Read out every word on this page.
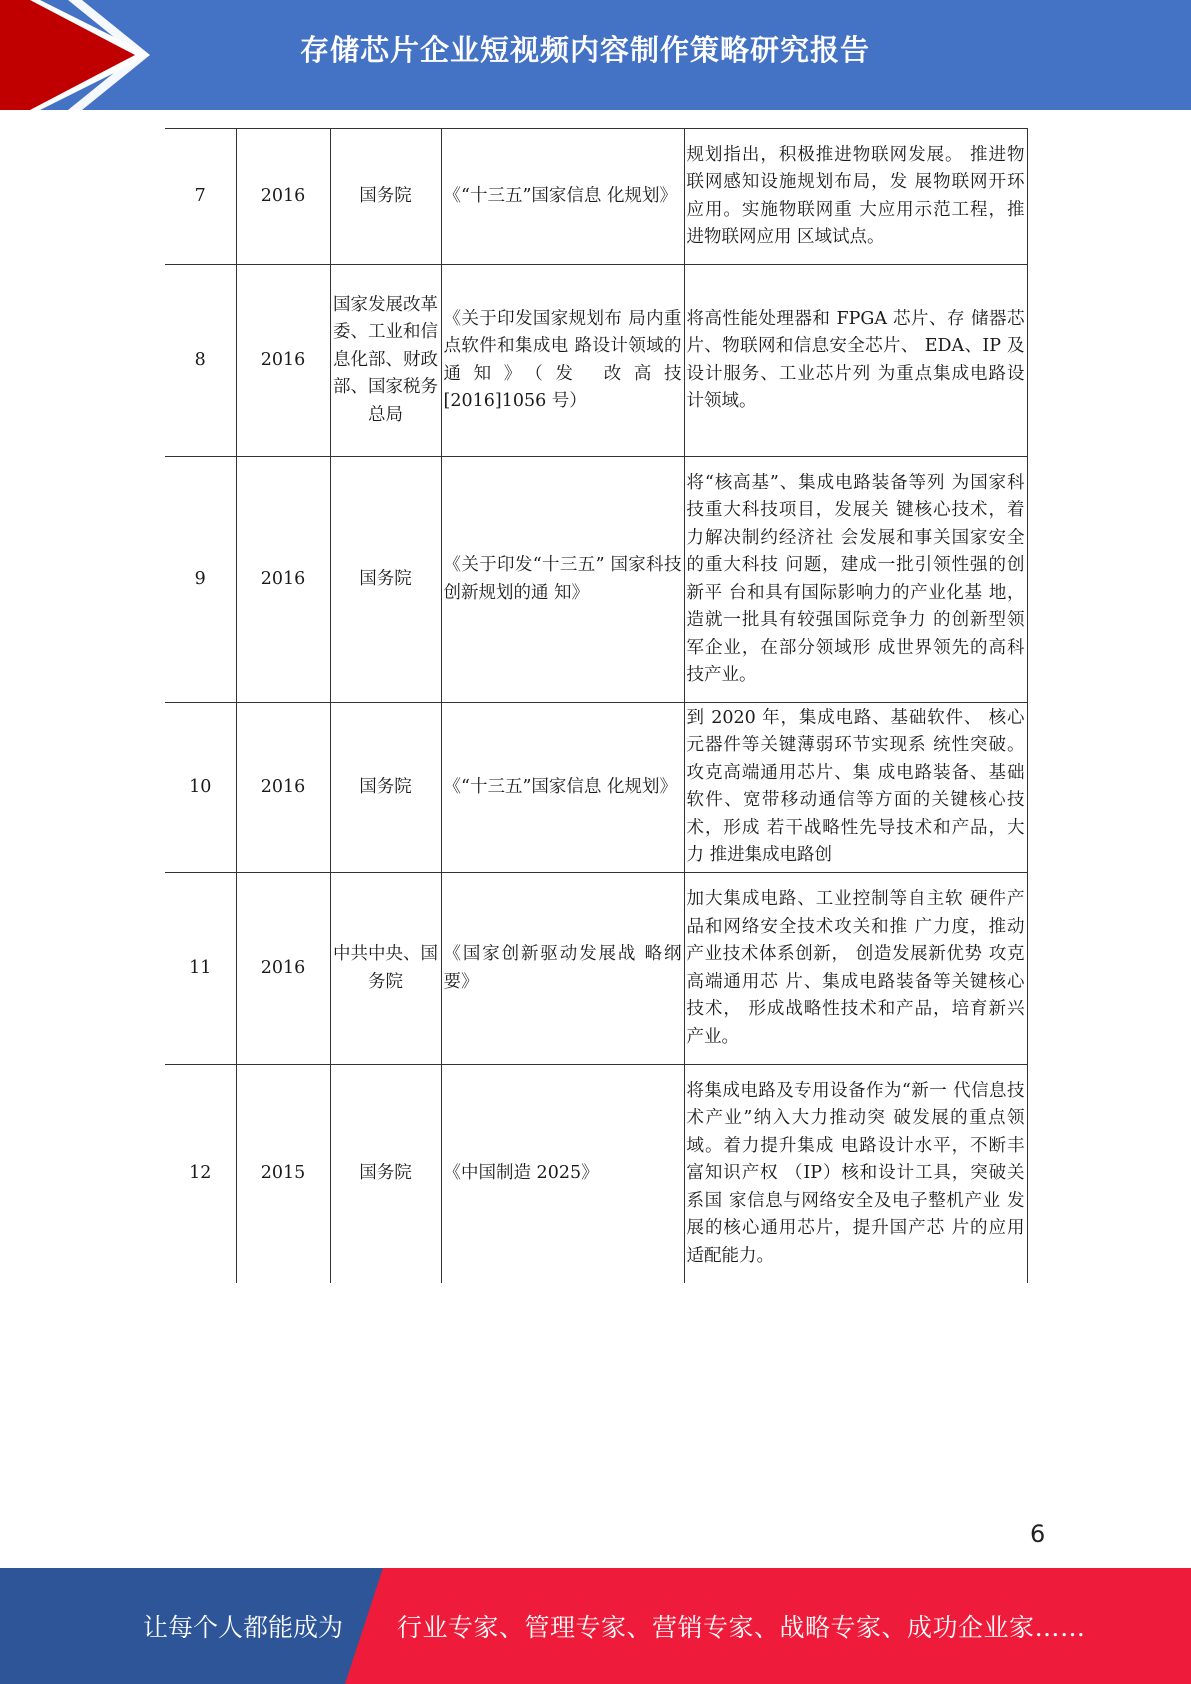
存储芯片企业短视频内容制作策略研究报告
7	2016	国务院	《“十三五”国家信息 化规划》	规划指出，积极推进物联网发展。 推进物联网感知设施规划布局，发 展物联网开环应用。实施物联网重 大应用示范工程，推进物联网应用 区域试点。
8	2016	国家发展改革委、工业和信息化部、财政部、国家税务总局	《关于印发国家规划布 局内重点软件和集成电 路设计领域的通知》（发 改高技[2016]1056 号）	将高性能处理器和 FPGA 芯片、存 储器芯片、物联网和信息安全芯片、 EDA、IP 及设计服务、工业芯片列 为重点集成电路设计领域。
9	2016	国务院	《关于印发“十三五” 国家科技创新规划的通 知》	将“核高基”、集成电路装备等列 为国家科技重大科技项目，发展关 键核心技术，着力解决制约经济社 会发展和事关国家安全的重大科技 问题，建成一批引领性强的创新平 台和具有国际影响力的产业化基 地，造就一批具有较强国际竞争力 的创新型领军企业，在部分领域形 成世界领先的高科技产业。
10	2016	国务院	《“十三五”国家信息 化规划》	到 2020 年，集成电路、基础软件、 核心元器件等关键薄弱环节实现系 统性突破。攻克高端通用芯片、集 成电路装备、基础软件、宽带移动通信等方面的关键核心技术，形成 若干战略性先导技术和产品，大力 推进集成电路创

11	2016	中共中央、国务院	《国家创新驱动发展战 略纲要》	加大集成电路、工业控制等自主软 硬件产品和网络安全技术攻关和推 广力度，推动产业技术体系创新， 创造发展新优势 攻克高端通用芯 片、集成电路装备等关键核心技术， 形成战略性技术和产品，培育新兴 产业。
12	2015	国务院	《中国制造 2025》	将集成电路及专用设备作为“新一 代信息技术产业”纳入大力推动突 破发展的重点领域。着力提升集成 电路设计水平，不断丰富知识产权 （IP）核和设计工具，突破关系国 家信息与网络安全及电子整机产业 发展的核心通用芯片，提升国产芯 片的应用适配能力。
6
让每个人都能成为 行业专家、管理专家、营销专家、战略专家、成功企业家……
